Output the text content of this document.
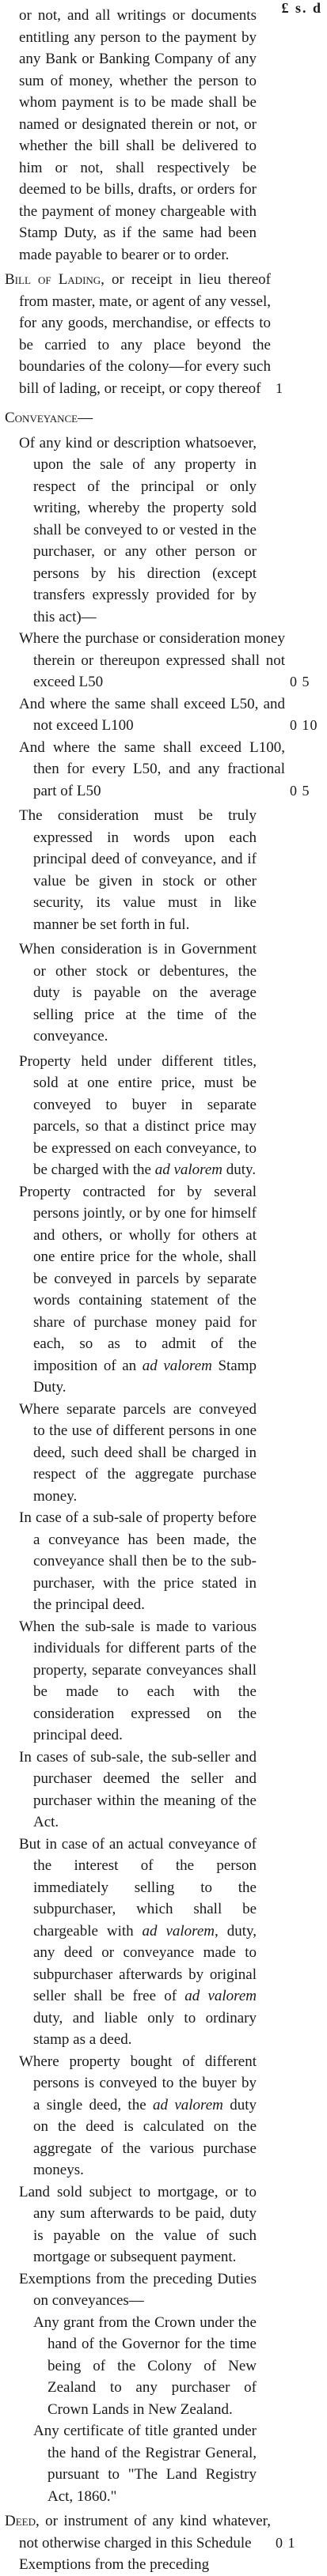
£ s. d

or not, and all writings or documents entitling any person to the payment by any Bank or Banking Company of any sum of money, whether the person to whom payment is to be made shall be named or designated therein or not, or whether the bill shall be delivered to him or not, shall respectively be deemed to be bills, drafts, or orders for the payment of money chargeable with Stamp Duty, as if the same had been made payable to bearer or to order.

Bill of Lading, or receipt in lieu thereof from master, mate, or agent of any vessel, for any goods, merchandise, or effects to be carried to any place beyond the boundaries of the colony—for every such bill of lading, or receipt, or copy thereof	1

Conveyance—

Of any kind or description whatsoever, upon the sale of any property in respect of the principal or only writing, whereby the property sold shall be conveyed to or vested in the purchaser, or any other person or persons by his direction (except transfers expressly provided for by this act)—

Where the purchase or consideration money therein or thereupon expressed shall not exceed L50	0 5

And where the same shall exceed L50, and not exceed L100	0 10

And where the same shall exceed L100, then for every L50, and any fractional part of L50	0 5

The consideration must be truly expressed in words upon each principal deed of conveyance, and if value be given in stock or other security, its value must in like manner be set forth in ful.

When consideration is in Government or other stock or debentures, the duty is payable on the average selling price at the time of the conveyance.

Property held under different titles, sold at one entire price, must be conveyed to buyer in separate parcels, so that a distinct price may be expressed on each conveyance, to be charged with the ad valorem duty.

Property contracted for by several persons jointly, or by one for himself and others, or wholly for others at one entire price for the whole, shall be conveyed in parcels by separate words containing statement of the share of purchase money paid for each, so as to admit of the imposition of an ad valorem Stamp Duty.

Where separate parcels are conveyed to the use of different persons in one deed, such deed shall be charged in respect of the aggregate purchase money.

In case of a sub-sale of property before a conveyance has been made, the conveyance shall then be to the sub-purchaser, with the price stated in the principal deed.

When the sub-sale is made to various individuals for different parts of the property, separate conveyances shall be made to each with the consideration expressed on the principal deed.

In cases of sub-sale, the sub-seller and purchaser deemed the seller and purchaser within the meaning of the Act.

But in case of an actual conveyance of the interest of the person immediately selling to the subpurchaser, which shall be chargeable with ad valorem, duty, any deed or conveyance made to subpurchaser afterwards by original seller shall be free of ad valorem duty, and liable only to ordinary stamp as a deed.

Where property bought of different persons is conveyed to the buyer by a single deed, the ad valorem duty on the deed is calculated on the aggregate of the various purchase moneys.

Land sold subject to mortgage, or to any sum afterwards to be paid, duty is payable on the value of such mortgage or subsequent payment.

Exemptions from the preceding Duties on conveyances—

Any grant from the Crown under the hand of the Governor for the time being of the Colony of New Zealand to any purchaser of Crown Lands in New Zealand.

Any certificate of title granted under the hand of the Registrar General, pursuant to "The Land Registry Act, 1860."

Deed, or instrument of any kind whatever, not otherwise charged in this Schedule	0 1

Exemptions from the preceding
